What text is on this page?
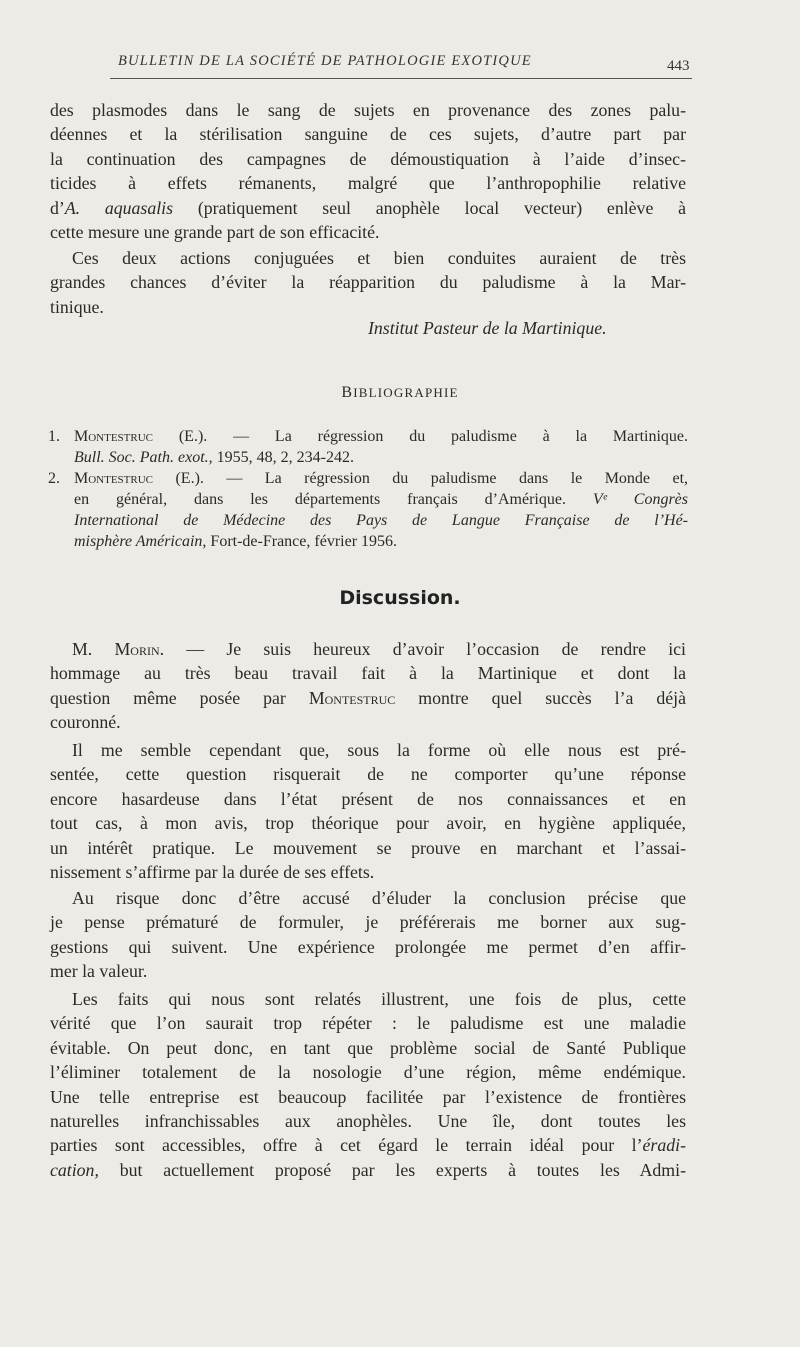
BULLETIN DE LA SOCIÉTÉ DE PATHOLOGIE EXOTIQUE	443
des plasmodes dans le sang de sujets en provenance des zones palu-
déennes et la stérilisation sanguine de ces sujets, d’autre part par
la continuation des campagnes de démoustiquation à l’aide d’insec-
ticides à effets rémanents, malgré que l’anthropophilie relative
d’A. aquasalis (pratiquement seul anophèle local vecteur) enlève à
cette mesure une grande part de son efficacité.
Ces deux actions conjuguées et bien conduites auraient de très
grandes chances d’éviter la réapparition du paludisme à la Mar-
tinique.
Institut Pasteur de la Martinique.
BIBLIOGRAPHIE
1. Montestruc (E.). — La régression du paludisme à la Martinique.
Bull. Soc. Path. exot., 1955, 48, 2, 234-242.
2. Montestruc (E.). — La régression du paludisme dans le Monde et,
en général, dans les départements français d’Amérique. Vᵉ Congrès
International de Médecine des Pays de Langue Française de l’Hé-
misphère Américain, Fort-de-France, février 1956.
Discussion.
M. Morin. — Je suis heureux d’avoir l’occasion de rendre ici
hommage au très beau travail fait à la Martinique et dont la
question même posée par Montestruc montre quel succès l’a déjà
couronné.
Il me semble cependant que, sous la forme où elle nous est pré-
sentée, cette question risquerait de ne comporter qu’une réponse
encore hasardeuse dans l’état présent de nos connaissances et en
tout cas, à mon avis, trop théorique pour avoir, en hygiène appliquée,
un intérêt pratique. Le mouvement se prouve en marchant et l’assai-
nissement s’affirme par la durée de ses effets.
Au risque donc d’être accusé d’éluder la conclusion précise que
je pense prématuré de formuler, je préférerais me borner aux sug-
gestions qui suivent. Une expérience prolongée me permet d’en affir-
mer la valeur.
Les faits qui nous sont relatés illustrent, une fois de plus, cette
vérité que l’on saurait trop répéter : le paludisme est une maladie
évitable. On peut donc, en tant que problème social de Santé Publique
l’éliminer totalement de la nosologie d’une région, même endémique.
Une telle entreprise est beaucoup facilitée par l’existence de frontières
naturelles infranchissables aux anophèles. Une île, dont toutes les
parties sont accessibles, offre à cet égard le terrain idéal pour l’éradi-
cation, but actuellement proposé par les experts à toutes les Admi-
